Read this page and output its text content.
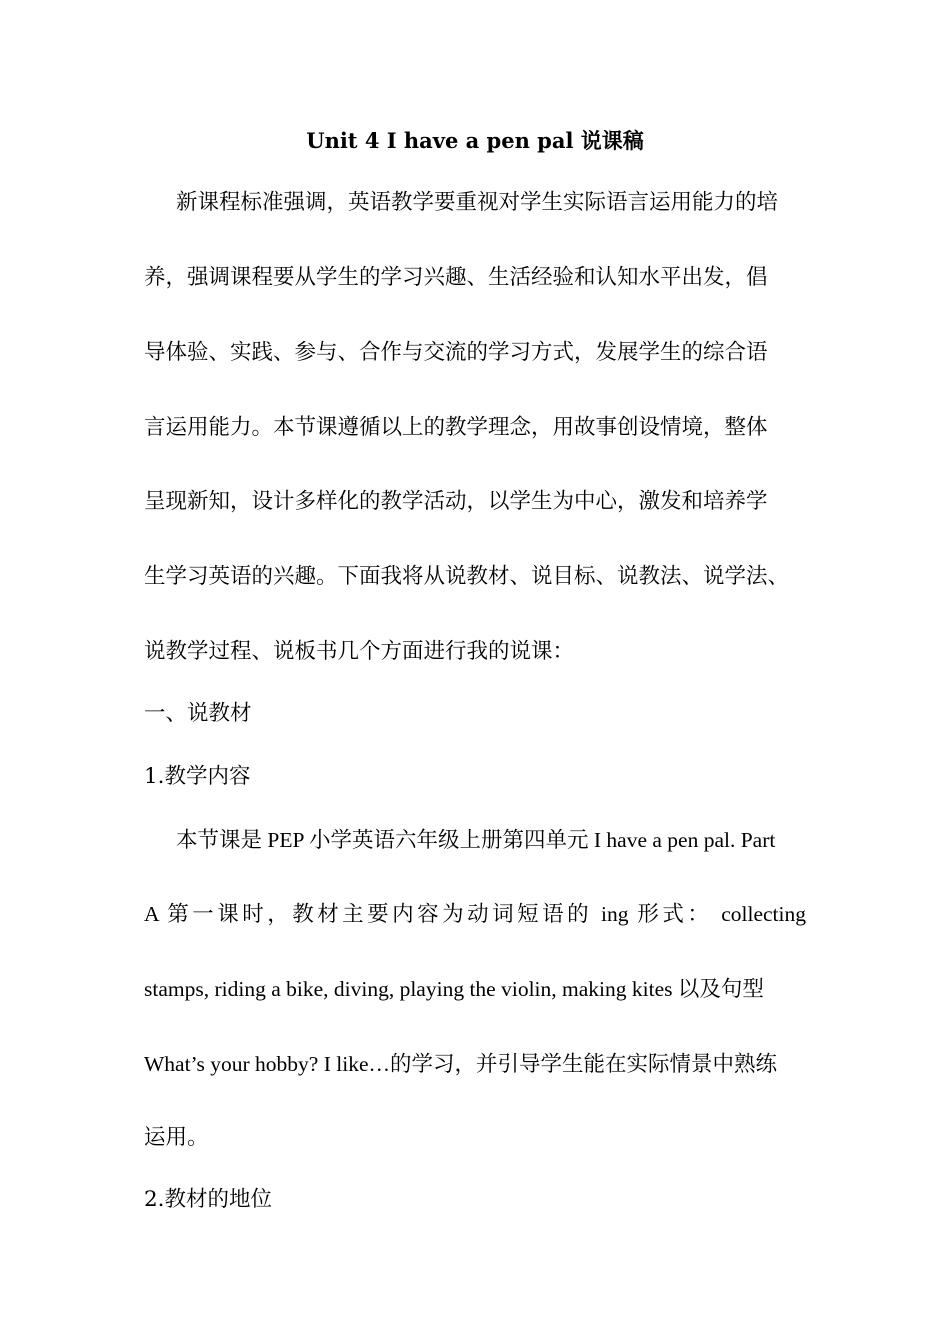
Unit 4 I have a pen pal 说课稿
新课程标准强调，英语教学要重视对学生实际语言运用能力的培
养，强调课程要从学生的学习兴趣、生活经验和认知水平出发，倡
导体验、实践、参与、合作与交流的学习方式，发展学生的综合语
言运用能力。本节课遵循以上的教学理念，用故事创设情境，整体
呈现新知，设计多样化的教学活动，以学生为中心，激发和培养学
生学习英语的兴趣。下面我将从说教材、说目标、说教法、说学法、
说教学过程、说板书几个方面进行我的说课：
一、说教材
1.教学内容
本节课是 PEP 小学英语六年级上册第四单元 I have a pen pal. Part
A 第一课时，教材主要内容为动词短语的 ing 形式： collecting
stamps, riding a bike, diving, playing the violin, making kites 以及句型
What’s your hobby? I like…的学习，并引导学生能在实际情景中熟练
运用。
2.教材的地位
